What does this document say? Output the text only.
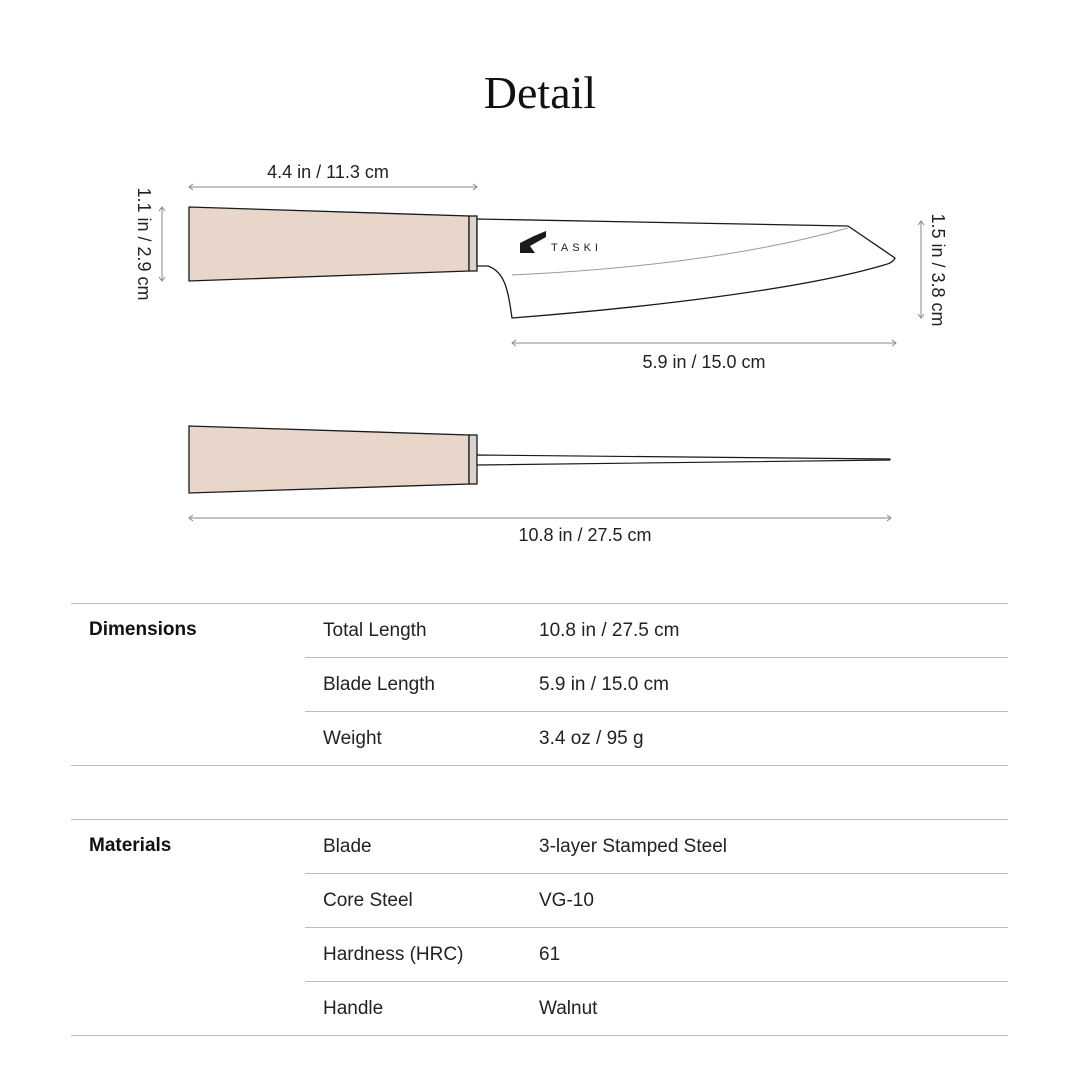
Detail
4.4 in / 11.3 cm
1.1 in / 2.9 cm	TASKI	1.5 in / 3.8 cm
5.9 in / 15.0 cm
10.8 in / 27.5 cm
Dimensions	Total Length	10.8 in / 27.5 cm
Blade Length	5.9 in / 15.0 cm
Weight	3.4 oz / 95 g
Materials	Blade	3-layer Stamped Steel
Core Steel	VG-10
Hardness (HRC)	61
Handle	Walnut
